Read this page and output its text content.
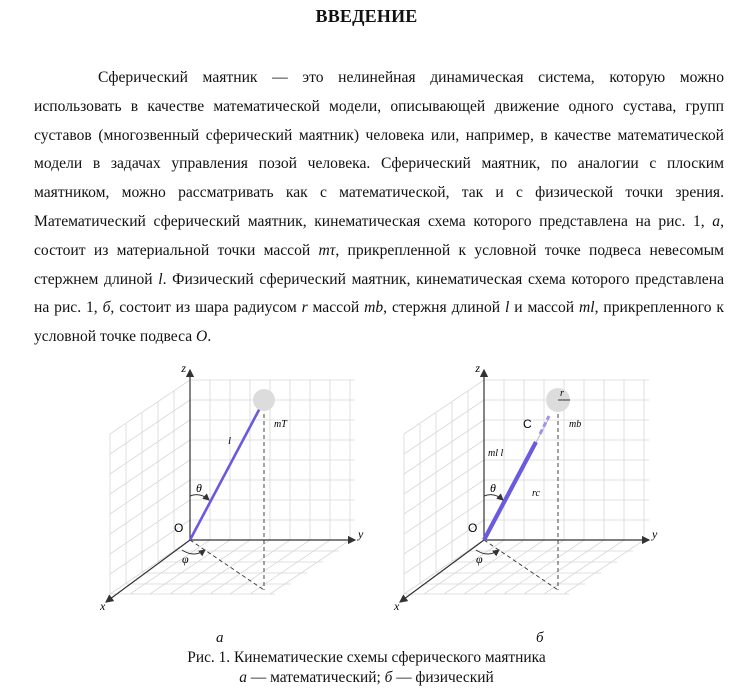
ВВЕДЕНИЕ
Сферический маятник — это нелинейная динамическая система, которую можно использовать в качестве математической модели, описывающей движение одного сустава, групп суставов (многозвенный сферический маятник) человека или, например, в качестве математической модели в задачах управления позой человека. Сферический маятник, по аналогии с плоским маятником, можно рассматривать как с математической, так и с физической точки зрения. Математический сферический маятник, кинематическая схема которого представлена на рис. 1, а, состоит из материальной точки массой mτ, прикрепленной к условной точке подвеса невесомым стержнем длиной l. Физический сферический маятник, кинематическая схема которого представлена на рис. 1, б, состоит из шара радиусом r массой mb, стержня длиной l и массой ml, прикрепленного к условной точке подвеса O.
z
y
x
θ
φ
O
l
mT
z
y
x
θ
φ
O
ml l
C
r
mb
rc
а	б
Рис. 1. Кинематические схемы сферического маятника
а — математический; б — физический
